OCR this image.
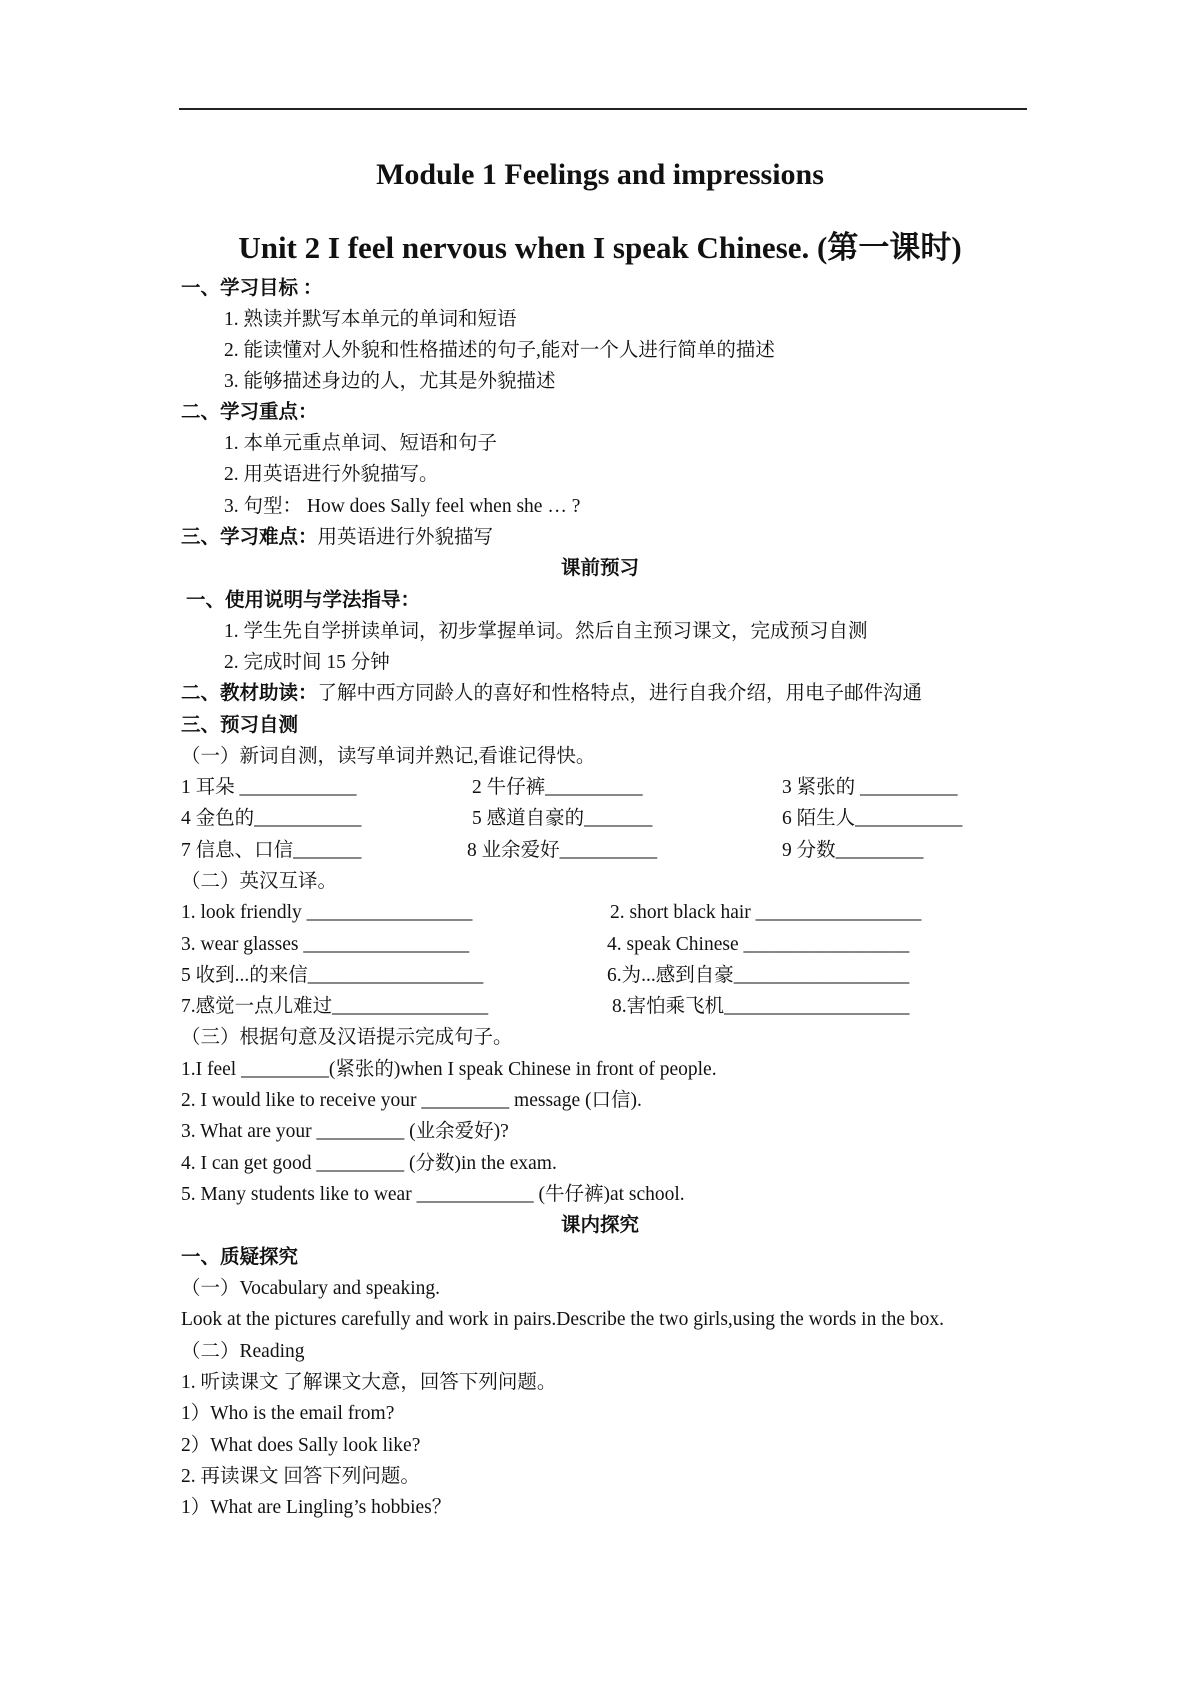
Module 1 Feelings and impressions
Unit 2 I feel nervous when I speak Chinese. (第一课时)
一、学习目标 ：
1. 熟读并默写本单元的单词和短语
2. 能读懂对人外貌和性格描述的句子,能对一个人进行简单的描述
3. 能够描述身边的人，尤其是外貌描述
二、学习重点：
1. 本单元重点单词、短语和句子
2. 用英语进行外貌描写。
3. 句型： How does Sally feel when she … ?
三、学习难点：用英语进行外貌描写
课前预习
一、使用说明与学法指导：
1. 学生先自学拼读单词，初步掌握单词。然后自主预习课文，完成预习自测
2. 完成时间 15 分钟
二、教材助读：了解中西方同龄人的喜好和性格特点，进行自我介绍，用电子邮件沟通
三、预习自测
（一）新词自测，读写单词并熟记,看谁记得快。
1 耳朵 ____________	2 牛仔裤__________	3 紧张的 __________
4 金色的___________	5 感道自豪的_______	6 陌生人___________
7 信息、口信_______	8 业余爱好__________	9 分数_________
（二）英汉互译。
1. look friendly _________________	2. short black hair _________________
3. wear glasses _________________	4. speak Chinese _________________
5 收到...的来信__________________	6.为...感到自豪__________________
7.感觉一点儿难过________________	8.害怕乘飞机___________________
（三）根据句意及汉语提示完成句子。
1.I feel _________(紧张的)when I speak Chinese in front of people.
2. I would like to receive your _________ message (口信).
3. What are your _________ (业余爱好)?
4. I can get good _________ (分数)in the exam.
5. Many students like to wear ____________ (牛仔裤)at school.
课内探究
一、质疑探究
（一）Vocabulary and speaking.
Look at the pictures carefully and work in pairs.Describe the two girls,using the words in the box.
（二）Reading
1. 听读课文 了解课文大意，回答下列问题。
1）Who is the email from?
2）What does Sally look like?
2. 再读课文 回答下列问题。
1）What are Lingling’s hobbies？
